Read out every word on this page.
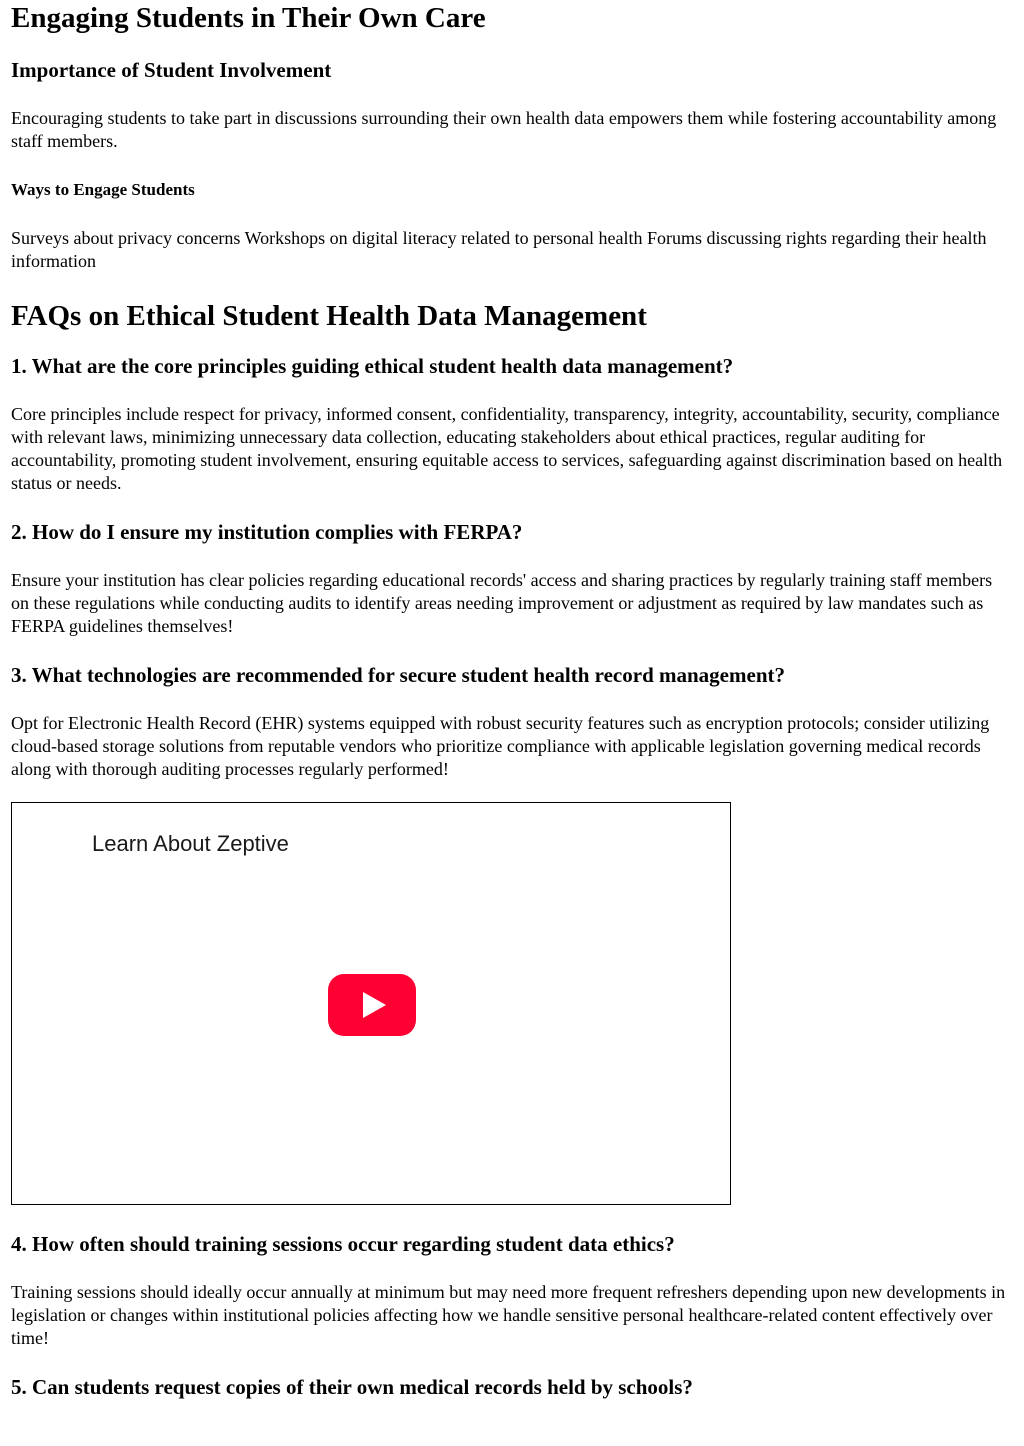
Engaging Students in Their Own Care
Importance of Student Involvement

Encouraging students to take part in discussions surrounding their own health data empowers them while fostering accountability among staff members.

Ways to Engage Students

Surveys about privacy concerns Workshops on digital literacy related to personal health Forums discussing rights regarding their health information

FAQs on Ethical Student Health Data Management
1. What are the core principles guiding ethical student health data management?

Core principles include respect for privacy, informed consent, confidentiality, transparency, integrity, accountability, security, compliance with relevant laws, minimizing unnecessary data collection, educating stakeholders about ethical practices, regular auditing for accountability, promoting student involvement, ensuring equitable access to services, safeguarding against discrimination based on health status or needs.

2. How do I ensure my institution complies with FERPA?

Ensure your institution has clear policies regarding educational records' access and sharing practices by regularly training staff members on these regulations while conducting audits to identify areas needing improvement or adjustment as required by law mandates such as FERPA guidelines themselves!

3. What technologies are recommended for secure student health record management?

Opt for Electronic Health Record (EHR) systems equipped with robust security features such as encryption protocols; consider utilizing cloud-based storage solutions from reputable vendors who prioritize compliance with applicable legislation governing medical records along with thorough auditing processes regularly performed!

Learn About Zeptive
4. How often should training sessions occur regarding student data ethics?

Training sessions should ideally occur annually at minimum but may need more frequent refreshers depending upon new developments in legislation or changes within institutional policies affecting how we handle sensitive personal healthcare-related content effectively over time!

5. Can students request copies of their own medical records held by schools?
